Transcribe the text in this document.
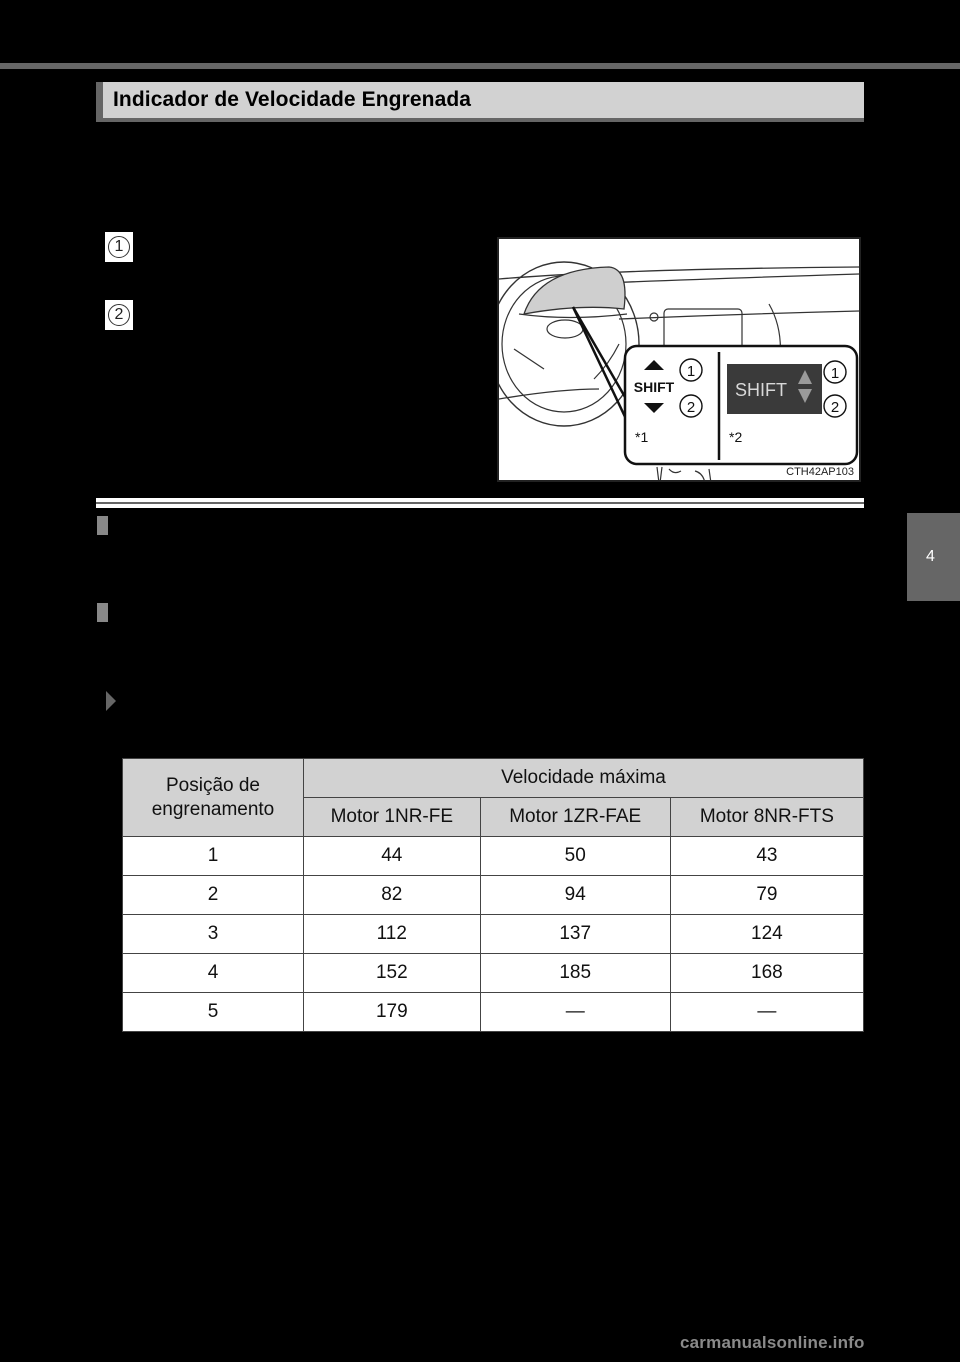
Indicador de Velocidade Engrenada
1
2
SHIFT
1
2
*1
SHIFT
1
2
*2
CTH42AP103
4
Posição de
engrenamento	Velocidade máxima		
	Motor 1NR-FE	Motor 1ZR-FAE	Motor 8NR-FTS
1	44	50	43
2	82	94	79
3	112	137	124
4	152	185	168
5	179	—	—
carmanualsonline.info
